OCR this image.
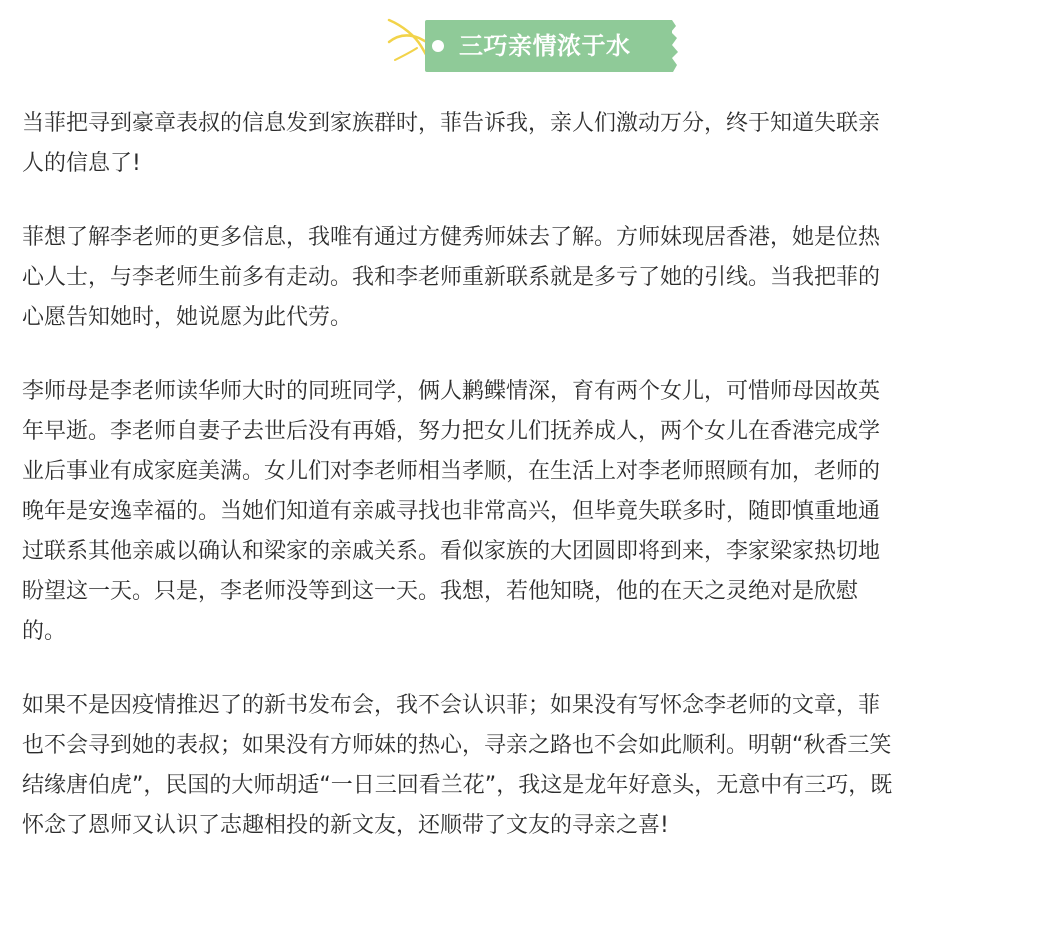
三巧亲情浓于水

当菲把寻到豪章表叔的信息发到家族群时，菲告诉我，亲人们激动万分，终于知道失联亲
人的信息了!

菲想了解李老师的更多信息，我唯有通过方健秀师妹去了解。方师妹现居香港，她是位热
心人士，与李老师生前多有走动。我和李老师重新联系就是多亏了她的引线。当我把菲的
心愿告知她时，她说愿为此代劳。

李师母是李老师读华师大时的同班同学，俩人鹣鲽情深，育有两个女儿，可惜师母因故英
年早逝。李老师自妻子去世后没有再婚，努力把女儿们抚养成人，两个女儿在香港完成学
业后事业有成家庭美满。女儿们对李老师相当孝顺，在生活上对李老师照顾有加，老师的
晚年是安逸幸福的。当她们知道有亲戚寻找也非常高兴，但毕竟失联多时，随即慎重地通
过联系其他亲戚以确认和梁家的亲戚关系。看似家族的大团圆即将到来，李家梁家热切地
盼望这一天。只是，李老师没等到这一天。我想，若他知晓，他的在天之灵绝对是欣慰
的。

如果不是因疫情推迟了的新书发布会，我不会认识菲；如果没有写怀念李老师的文章，菲
也不会寻到她的表叔；如果没有方师妹的热心，寻亲之路也不会如此顺利。明朝“秋香三笑
结缘唐伯虎”，民国的大师胡适“一日三回看兰花”，我这是龙年好意头，无意中有三巧，既
怀念了恩师又认识了志趣相投的新文友，还顺带了文友的寻亲之喜!
